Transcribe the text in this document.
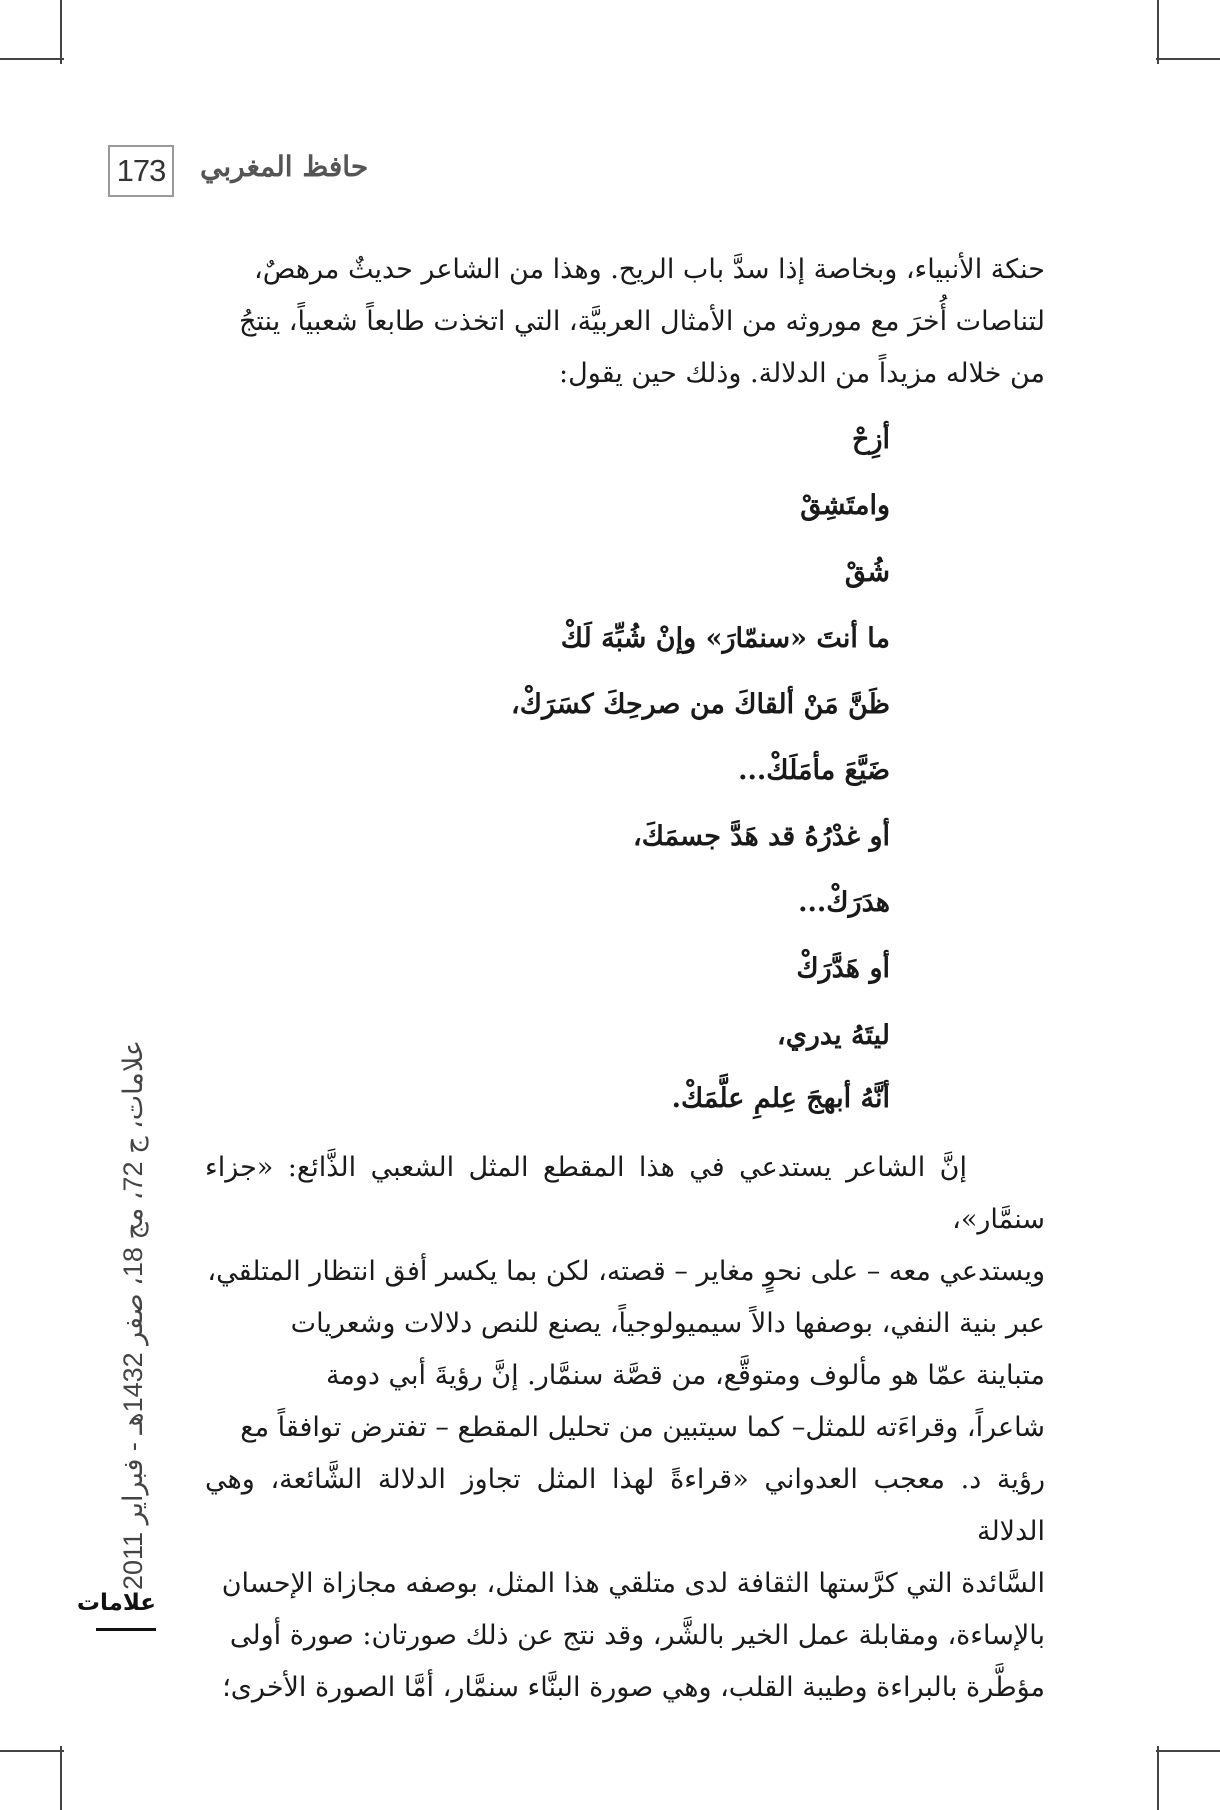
173	حافظ المغربي
حنكة الأنبياء، وبخاصة إذا سدَّ باب الريح. وهذا من الشاعر حديثٌ مرهصٌ،
لتناصات أُخرَ مع موروثه من الأمثال العربيَّة، التي اتخذت طابعاً شعبياً، ينتجُ
من خلاله مزيداً من الدلالة. وذلك حين يقول:
أزِحْ
وامتَشِقْ
شُقْ
ما أنتَ «سنمّارَ» وإنْ شُبِّهَ لَكْ
ظَنَّ مَنْ ألقاكَ من صرحِكَ كسَرَكْ،
ضَيَّعَ مأمَلَكْ...
أو غدْرُهُ قد هَدَّ جسمَكَ،
هدَرَكْ...
أو هَدَّرَكْ
ليتَهُ يدري،
أنَّهُ أبهجَ عِلمِ علَّمَكْ.
إنَّ الشاعر يستدعي في هذا المقطع المثل الشعبي الذَّائع: «جزاء سنمَّار»،
ويستدعي معه – على نحوٍ مغاير – قصته، لكن بما يكسر أفق انتظار المتلقي،
عبر بنية النفي، بوصفها دالاً سيميولوجياً، يصنع للنص دلالات وشعريات
متباينة عمّا هو مألوف ومتوقَّع، من قصَّة سنمَّار. إنَّ رؤيةَ أبي دومة
شاعراً، وقراءَته للمثل– كما سيتبين من تحليل المقطع – تفترض توافقاً مع
رؤية د. معجب العدواني «قراءةً لهذا المثل تجاوز الدلالة الشَّائعة، وهي الدلالة
السَّائدة التي كرَّستها الثقافة لدى متلقي هذا المثل، بوصفه مجازاة الإحسان
بالإساءة، ومقابلة عمل الخير بالشَّر، وقد نتج عن ذلك صورتان: صورة أولى
مؤطَّرة بالبراءة وطيبة القلب، وهي صورة البنَّاء سنمَّار، أمَّا الصورة الأخرى؛
علامات، ج 72، مج 18، صفر 1432هـ - فبراير 2011
علامات
